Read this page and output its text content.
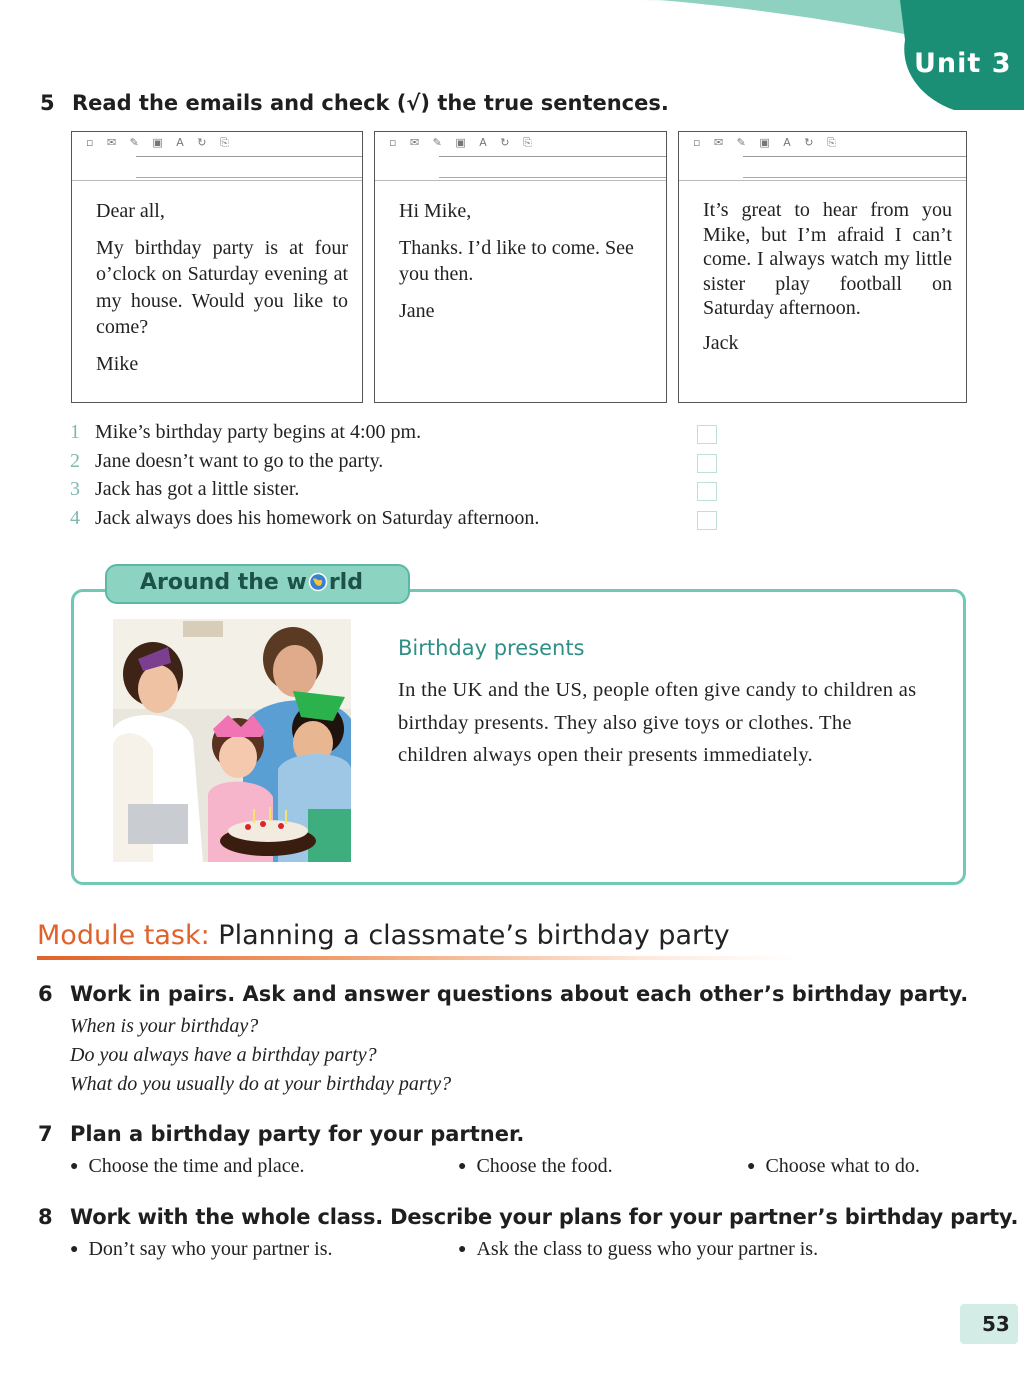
Unit 3
5 Read the emails and check (√) the true sentences.
▫ ✉ ✎ ▣ A ↻ ⎘

Dear all,

My birthday party is at four o’clock on Saturday evening at my house. Would you like to come?

Mike

▫ ✉ ✎ ▣ A ↻ ⎘

Hi Mike,

Thanks. I’d like to come. See you then.

Jane

▫ ✉ ✎ ▣ A ↻ ⎘

It’s great to hear from you Mike, but I’m afraid I can’t come. I always watch my little sister play football on Saturday afternoon.

Jack

1 Mike’s birthday party begins at 4:00 pm.
2 Jane doesn’t want to go to the party.
3 Jack has got a little sister.
4 Jack always does his homework on Saturday afternoon.
Around the w rld
Birthday presents
In the UK and the US, people often give candy to children as birthday presents. They also give toys or clothes. The children always open their presents immediately.
Module task: Planning a classmate’s birthday party
6 Work in pairs. Ask and answer questions about each other’s birthday party.
When is your birthday?
Do you always have a birthday party?
What do you usually do at your birthday party?
7 Plan a birthday party for your partner.
● Choose the time and place.	● Choose the food.	● Choose what to do.
8 Work with the whole class. Describe your plans for your partner’s birthday party.
● Don’t say who your partner is.	● Ask the class to guess who your partner is.
53
